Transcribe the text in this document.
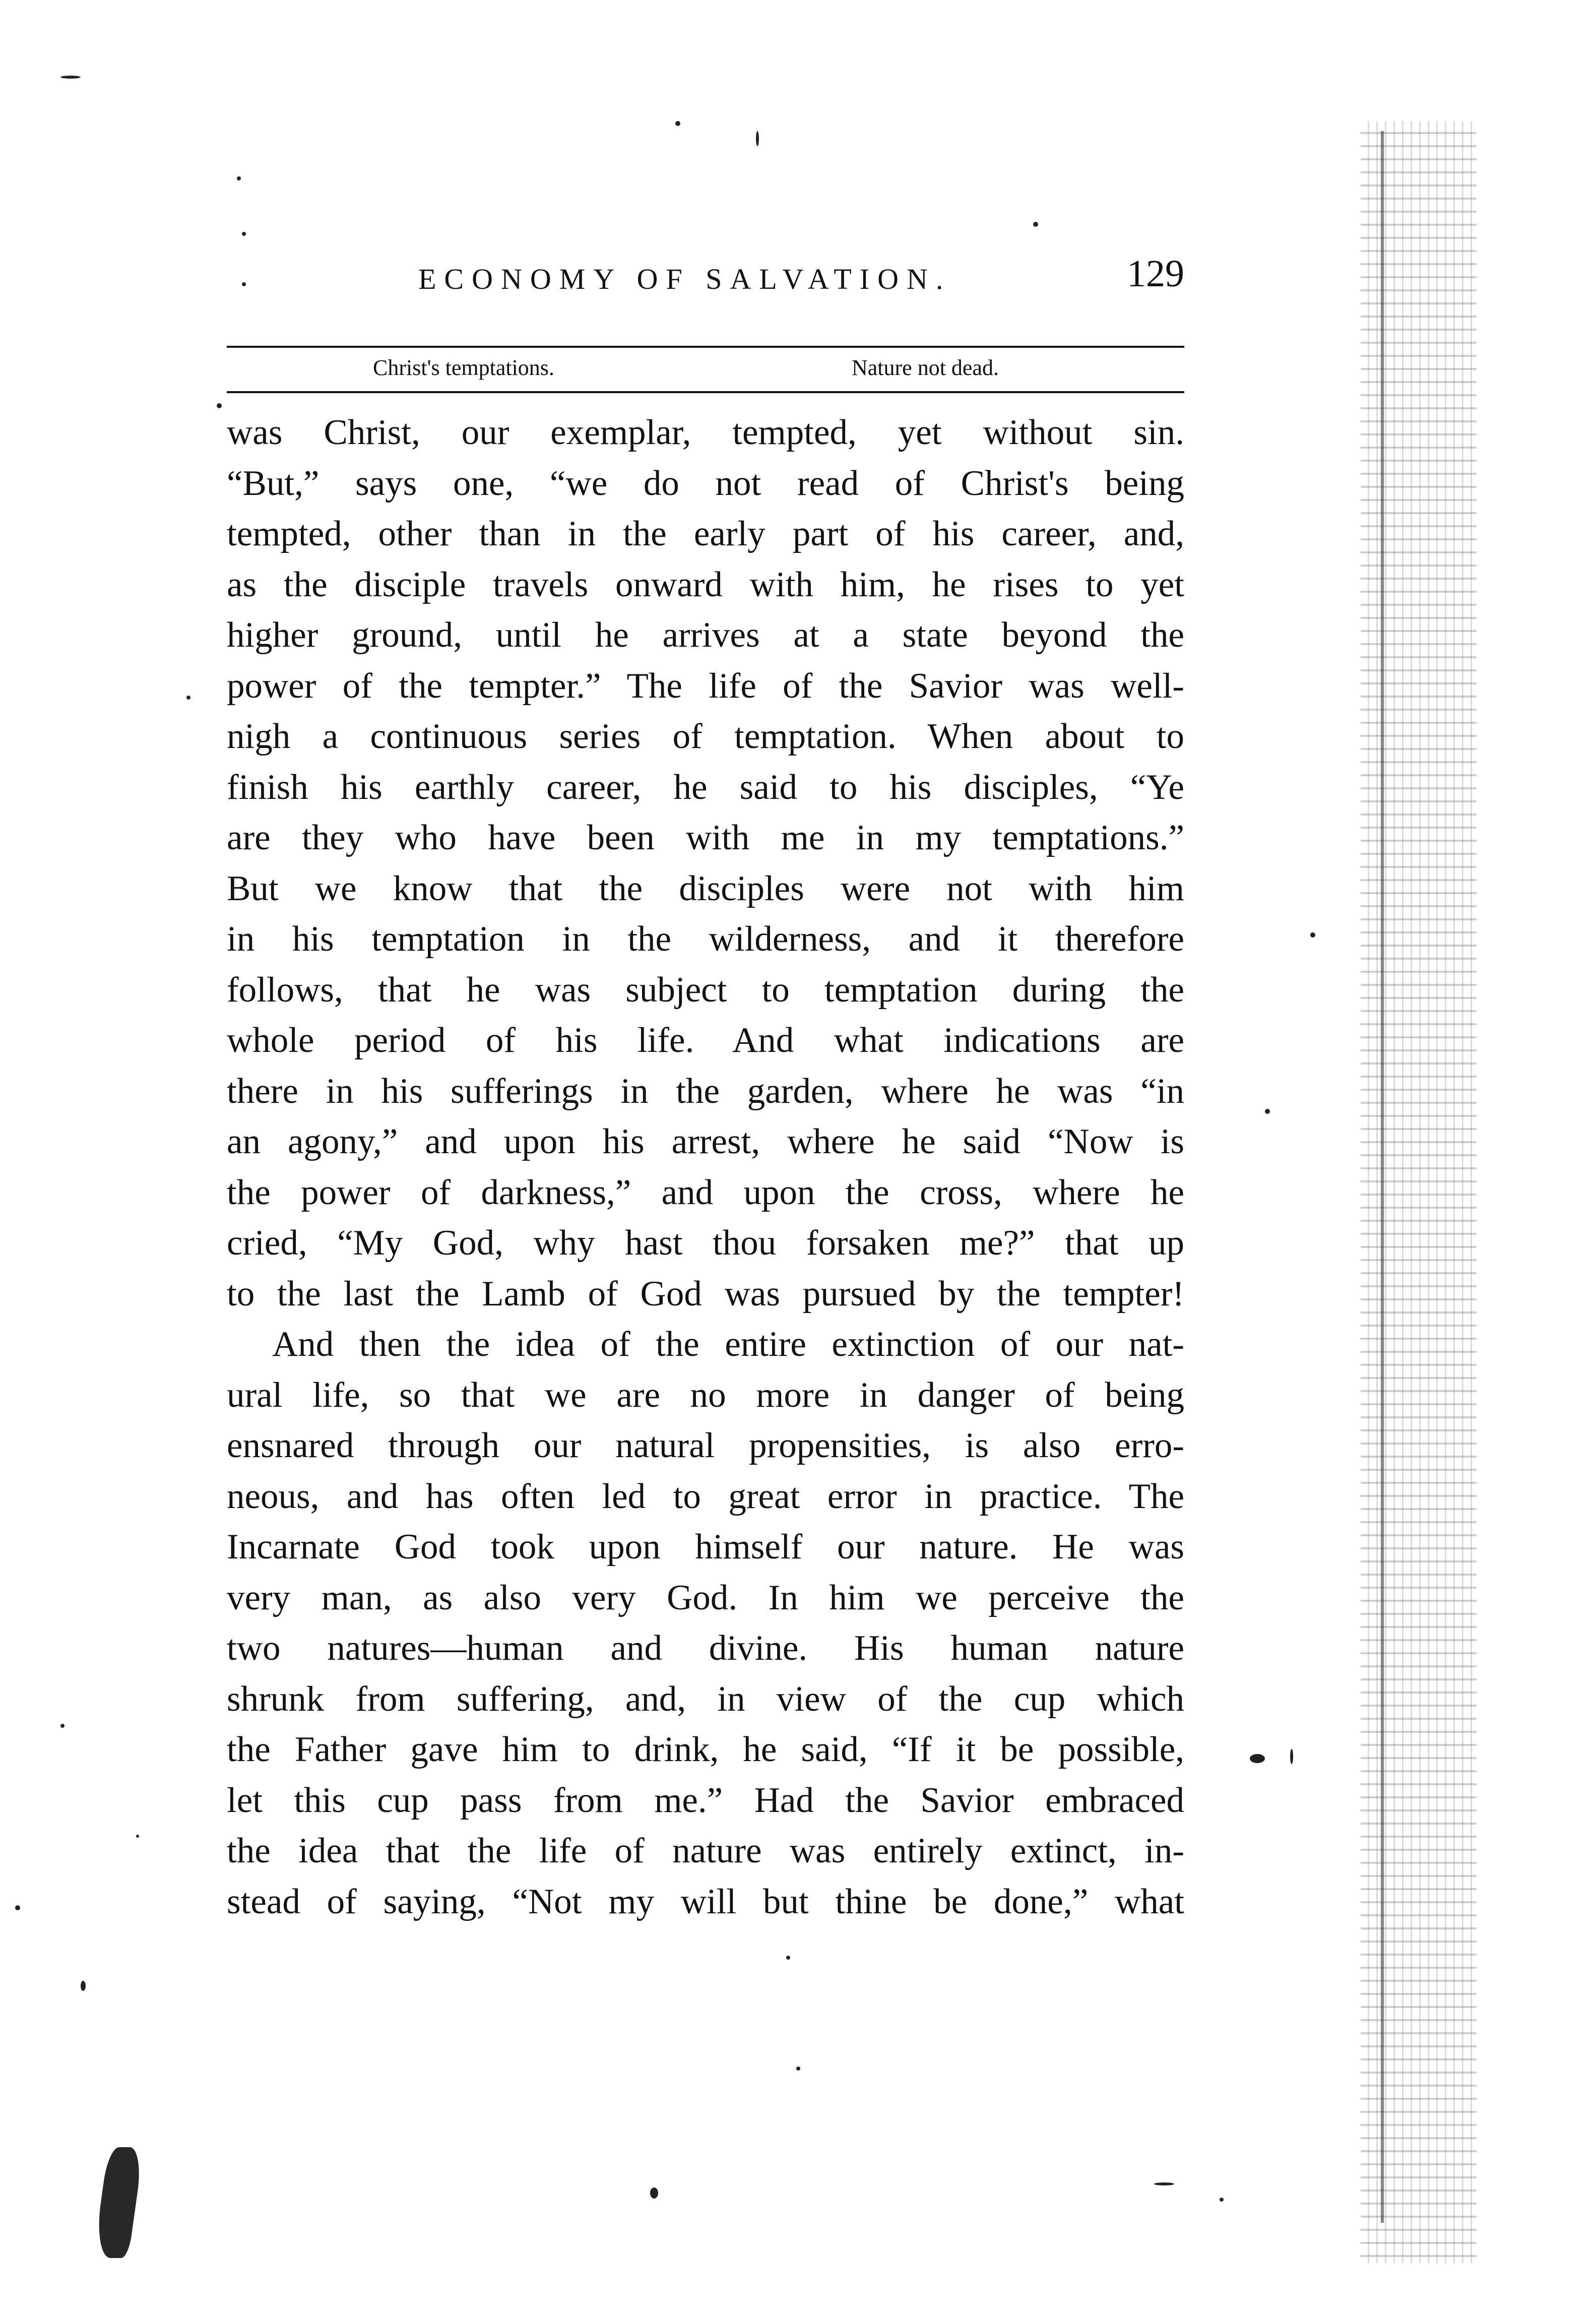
ECONOMY OF SALVATION.	129
Christ's temptations.	Nature not dead.

was Christ, our exemplar, tempted, yet without sin.
“But,” says one, “we do not read of Christ's being
tempted, other than in the early part of his career, and,
as the disciple travels onward with him, he rises to yet
higher ground, until he arrives at a state beyond the
power of the tempter.” The life of the Savior was well-
nigh a continuous series of temptation. When about to
finish his earthly career, he said to his disciples, “Ye
are they who have been with me in my temptations.”
But we know that the disciples were not with him
in his temptation in the wilderness, and it therefore
follows, that he was subject to temptation during the
whole period of his life. And what indications are
there in his sufferings in the garden, where he was “in
an agony,” and upon his arrest, where he said “Now is
the power of darkness,” and upon the cross, where he
cried, “My God, why hast thou forsaken me?” that up
to the last the Lamb of God was pursued by the tempter!

And then the idea of the entire extinction of our nat-
ural life, so that we are no more in danger of being
ensnared through our natural propensities, is also erro-
neous, and has often led to great error in practice. The
Incarnate God took upon himself our nature. He was
very man, as also very God. In him we perceive the
two natures—human and divine. His human nature
shrunk from suffering, and, in view of the cup which
the Father gave him to drink, he said, “If it be possible,
let this cup pass from me.” Had the Savior embraced
the idea that the life of nature was entirely extinct, in-
stead of saying, “Not my will but thine be done,” what
